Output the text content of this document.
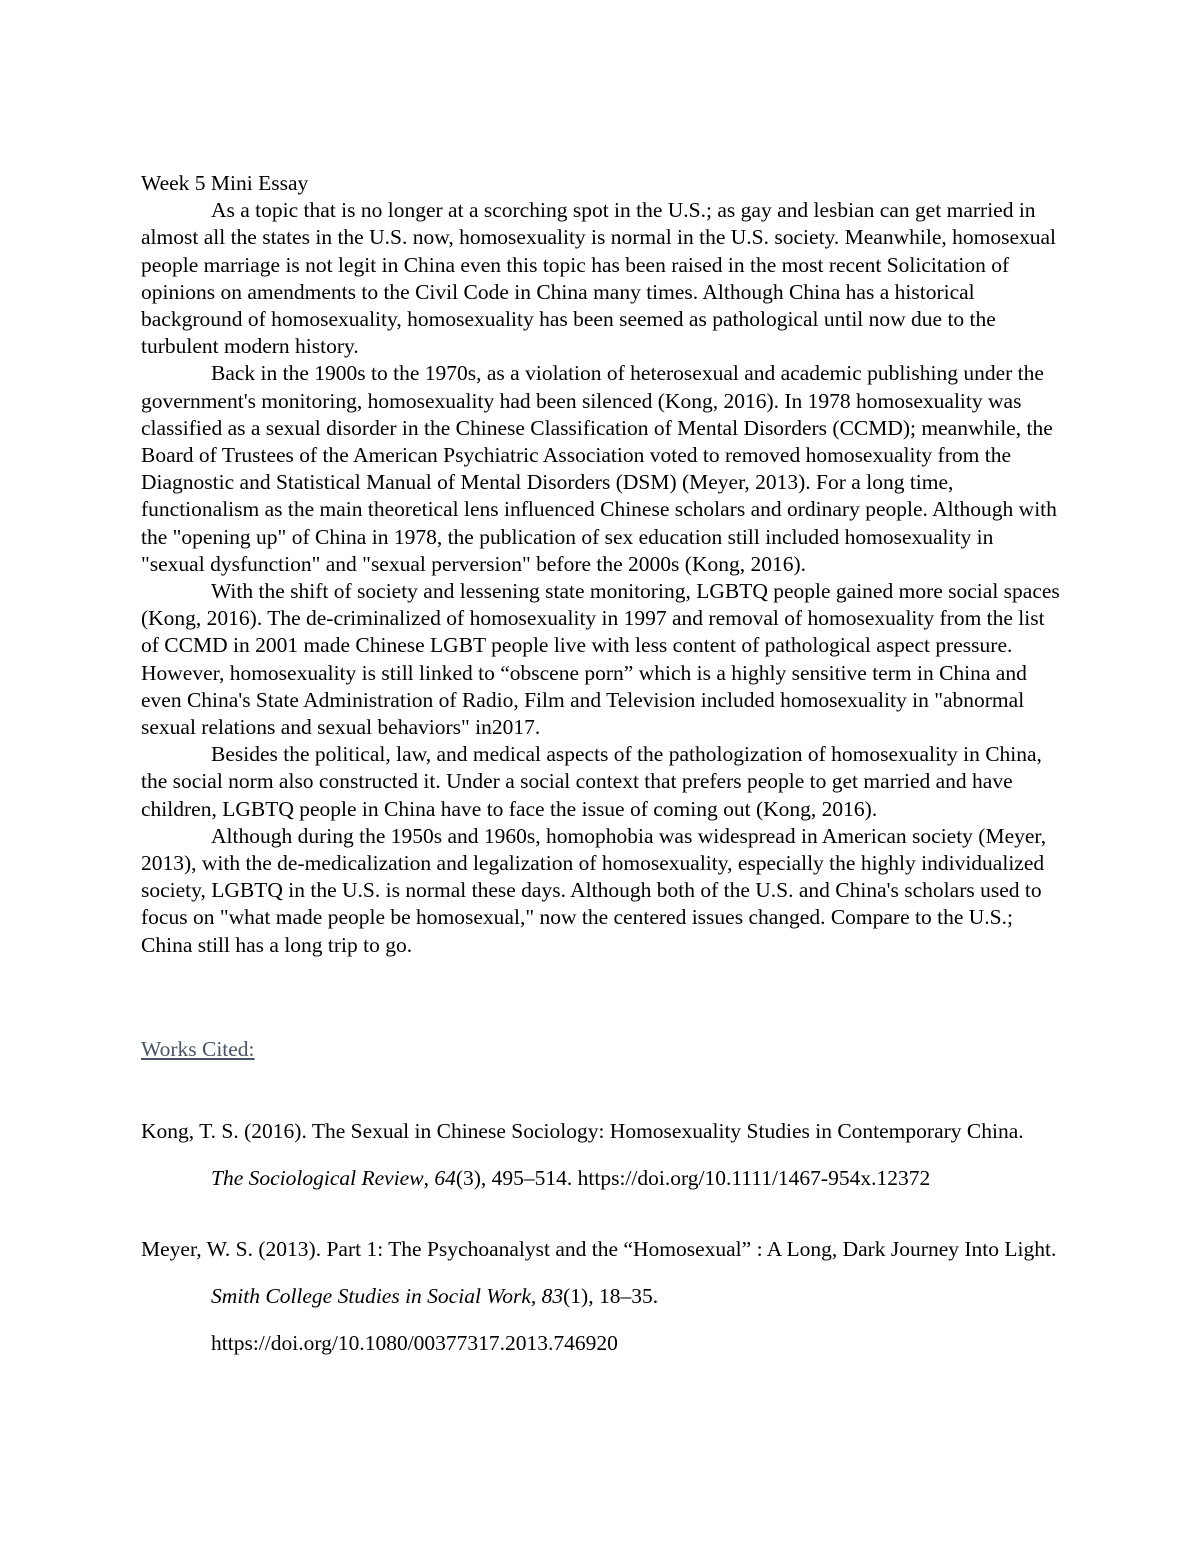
Week 5 Mini Essay

As a topic that is no longer at a scorching spot in the U.S.; as gay and lesbian can get married in almost all the states in the U.S. now, homosexuality is normal in the U.S. society. Meanwhile, homosexual people marriage is not legit in China even this topic has been raised in the most recent Solicitation of opinions on amendments to the Civil Code in China many times. Although China has a historical background of homosexuality, homosexuality has been seemed as pathological until now due to the turbulent modern history.

Back in the 1900s to the 1970s, as a violation of heterosexual and academic publishing under the government's monitoring, homosexuality had been silenced (Kong, 2016). In 1978 homosexuality was classified as a sexual disorder in the Chinese Classification of Mental Disorders (CCMD); meanwhile, the Board of Trustees of the American Psychiatric Association voted to removed homosexuality from the Diagnostic and Statistical Manual of Mental Disorders (DSM) (Meyer, 2013). For a long time, functionalism as the main theoretical lens influenced Chinese scholars and ordinary people. Although with the "opening up" of China in 1978, the publication of sex education still included homosexuality in "sexual dysfunction" and "sexual perversion" before the 2000s (Kong, 2016).

With the shift of society and lessening state monitoring, LGBTQ people gained more social spaces (Kong, 2016). The de-criminalized of homosexuality in 1997 and removal of homosexuality from the list of CCMD in 2001 made Chinese LGBT people live with less content of pathological aspect pressure. However, homosexuality is still linked to “obscene porn” which is a highly sensitive term in China and even China's State Administration of Radio, Film and Television included homosexuality in "abnormal sexual relations and sexual behaviors" in2017.

Besides the political, law, and medical aspects of the pathologization of homosexuality in China, the social norm also constructed it. Under a social context that prefers people to get married and have children, LGBTQ people in China have to face the issue of coming out (Kong, 2016).

Although during the 1950s and 1960s, homophobia was widespread in American society (Meyer, 2013), with the de-medicalization and legalization of homosexuality, especially the highly individualized society, LGBTQ in the U.S. is normal these days. Although both of the U.S. and China's scholars used to focus on "what made people be homosexual," now the centered issues changed. Compare to the U.S.; China still has a long trip to go.

Works Cited:

Kong, T. S. (2016). The Sexual in Chinese Sociology: Homosexuality Studies in Contemporary China. The Sociological Review, 64(3), 495–514. https://doi.org/10.1111/1467-954x.12372

Meyer, W. S. (2013). Part 1: The Psychoanalyst and the “Homosexual” : A Long, Dark Journey Into Light. Smith College Studies in Social Work, 83(1), 18–35. https://doi.org/10.1080/00377317.2013.746920
